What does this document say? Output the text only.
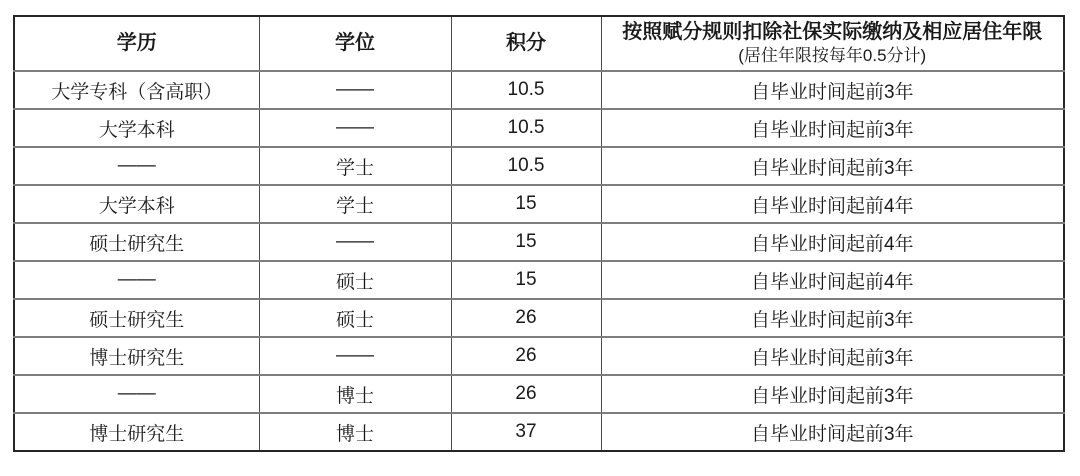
学历	学位	积分	按照赋分规则扣除社保实际缴纳及相应居住年限
(居住年限按每年0.5分计)

大学专科（含高职）	——	10.5	自毕业时间起前3年
大学本科	——	10.5	自毕业时间起前3年
——	学士	10.5	自毕业时间起前3年
大学本科	学士	15	自毕业时间起前4年
硕士研究生	——	15	自毕业时间起前4年
——	硕士	15	自毕业时间起前4年
硕士研究生	硕士	26	自毕业时间起前3年
博士研究生	——	26	自毕业时间起前3年
——	博士	26	自毕业时间起前3年
博士研究生	博士	37	自毕业时间起前3年
